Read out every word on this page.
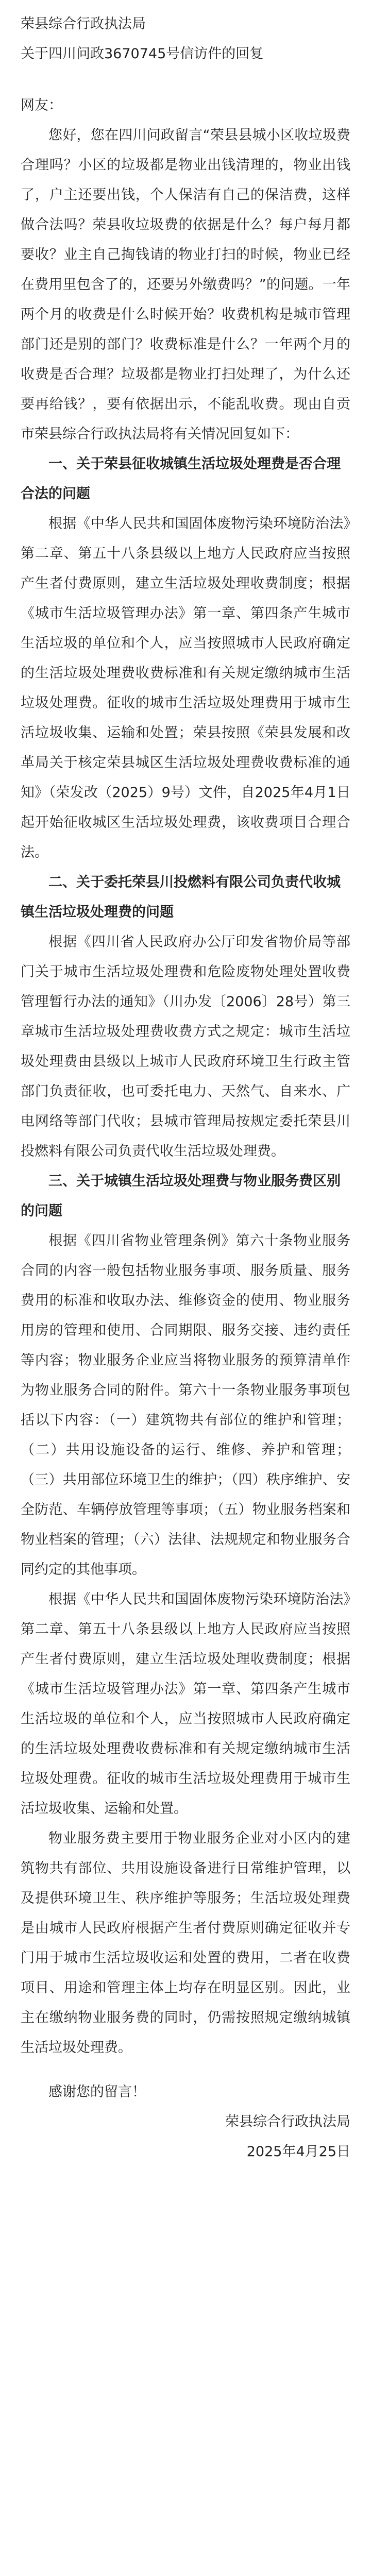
荣县综合行政执法局

关于四川问政3670745号信访件的回复

网友：

您好，您在四川问政留言“荣县县城小区收垃圾费合理吗？小区的垃圾都是物业出钱清理的，物业出钱了，户主还要出钱，个人保洁有自己的保洁费，这样做合法吗？荣县收垃圾费的依据是什么？每户每月都要收？业主自己掏钱请的物业打扫的时候，物业已经在费用里包含了的，还要另外缴费吗？”的问题。一年两个月的收费是什么时候开始？收费机构是城市管理部门还是别的部门？收费标准是什么？一年两个月的收费是否合理？垃圾都是物业打扫处理了，为什么还要再给钱？，要有依据出示，不能乱收费。现由自贡市荣县综合行政执法局将有关情况回复如下：

一、关于荣县征收城镇生活垃圾处理费是否合理合法的问题

根据《中华人民共和国固体废物污染环境防治法》第二章、第五十八条县级以上地方人民政府应当按照产生者付费原则，建立生活垃圾处理收费制度；根据《城市生活垃圾管理办法》第一章、第四条产生城市生活垃圾的单位和个人，应当按照城市人民政府确定的生活垃圾处理费收费标准和有关规定缴纳城市生活垃圾处理费。征收的城市生活垃圾处理费用于城市生活垃圾收集、运输和处置；荣县按照《荣县发展和改革局关于核定荣县城区生活垃圾处理费收费标准的通知》（荣发改（2025）9号）文件，自2025年4月1日起开始征收城区生活垃圾处理费，该收费项目合理合法。

二、关于委托荣县川投燃料有限公司负责代收城镇生活垃圾处理费的问题

根据《四川省人民政府办公厅印发省物价局等部门关于城市生活垃圾处理费和危险废物处理处置收费管理暂行办法的通知》（川办发〔2006〕28号）第三章城市生活垃圾处理费收费方式之规定：城市生活垃圾处理费由县级以上城市人民政府环境卫生行政主管部门负责征收，也可委托电力、天然气、自来水、广电网络等部门代收；县城市管理局按规定委托荣县川投燃料有限公司负责代收生活垃圾处理费。

三、关于城镇生活垃圾处理费与物业服务费区别的问题

根据《四川省物业管理条例》第六十条物业服务合同的内容一般包括物业服务事项、服务质量、服务费用的标准和收取办法、维修资金的使用、物业服务用房的管理和使用、合同期限、服务交接、违约责任等内容；物业服务企业应当将物业服务的预算清单作为物业服务合同的附件。第六十一条物业服务事项包括以下内容：（一）建筑物共有部位的维护和管理；（二）共用设施设备的运行、维修、养护和管理；（三）共用部位环境卫生的维护；（四）秩序维护、安全防范、车辆停放管理等事项；（五）物业服务档案和物业档案的管理；（六）法律、法规规定和物业服务合同约定的其他事项。

根据《中华人民共和国固体废物污染环境防治法》第二章、第五十八条县级以上地方人民政府应当按照产生者付费原则，建立生活垃圾处理收费制度；根据《城市生活垃圾管理办法》第一章、第四条产生城市生活垃圾的单位和个人，应当按照城市人民政府确定的生活垃圾处理费收费标准和有关规定缴纳城市生活垃圾处理费。征收的城市生活垃圾处理费用于城市生活垃圾收集、运输和处置。

物业服务费主要用于物业服务企业对小区内的建筑物共有部位、共用设施设备进行日常维护管理，以及提供环境卫生、秩序维护等服务；生活垃圾处理费是由城市人民政府根据产生者付费原则确定征收并专门用于城市生活垃圾收运和处置的费用，二者在收费项目、用途和管理主体上均存在明显区别。因此，业主在缴纳物业服务费的同时，仍需按照规定缴纳城镇生活垃圾处理费。

感谢您的留言！

荣县综合行政执法局

2025年4月25日
